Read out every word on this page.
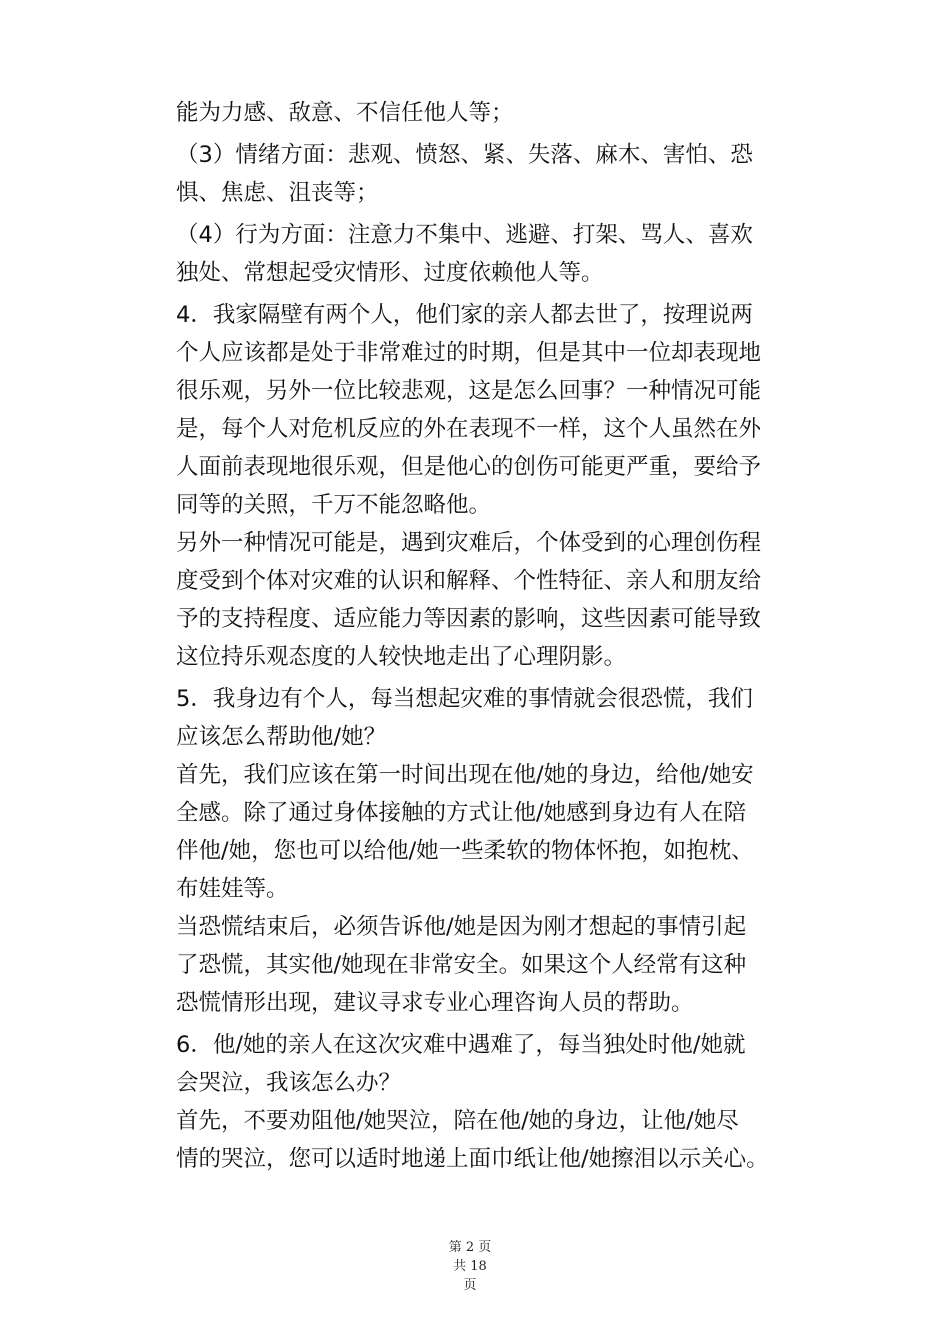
能为力感、敌意、不信任他人等；
（3）情绪方面：悲观、愤怒、紧、失落、麻木、害怕、恐
惧、焦虑、沮丧等；
（4）行为方面：注意力不集中、逃避、打架、骂人、喜欢
独处、常想起受灾情形、过度依赖他人等。
4．我家隔壁有两个人，他们家的亲人都去世了，按理说两
个人应该都是处于非常难过的时期，但是其中一位却表现地
很乐观，另外一位比较悲观，这是怎么回事？一种情况可能
是，每个人对危机反应的外在表现不一样，这个人虽然在外
人面前表现地很乐观，但是他心的创伤可能更严重，要给予
同等的关照，千万不能忽略他。
另外一种情况可能是，遇到灾难后，个体受到的心理创伤程
度受到个体对灾难的认识和解释、个性特征、亲人和朋友给
予的支持程度、适应能力等因素的影响，这些因素可能导致
这位持乐观态度的人较快地走出了心理阴影。
5．我身边有个人，每当想起灾难的事情就会很恐慌，我们
应该怎么帮助他/她？
首先，我们应该在第一时间出现在他/她的身边，给他/她安
全感。除了通过身体接触的方式让他/她感到身边有人在陪
伴他/她，您也可以给他/她一些柔软的物体怀抱，如抱枕、
布娃娃等。
当恐慌结束后，必须告诉他/她是因为刚才想起的事情引起
了恐慌，其实他/她现在非常安全。如果这个人经常有这种
恐慌情形出现，建议寻求专业心理咨询人员的帮助。
6．他/她的亲人在这次灾难中遇难了，每当独处时他/她就
会哭泣，我该怎么办？
首先，不要劝阻他/她哭泣，陪在他/她的身边，让他/她尽
情的哭泣，您可以适时地递上面巾纸让他/她擦泪以示关心。
第 2 页
共 18
页
